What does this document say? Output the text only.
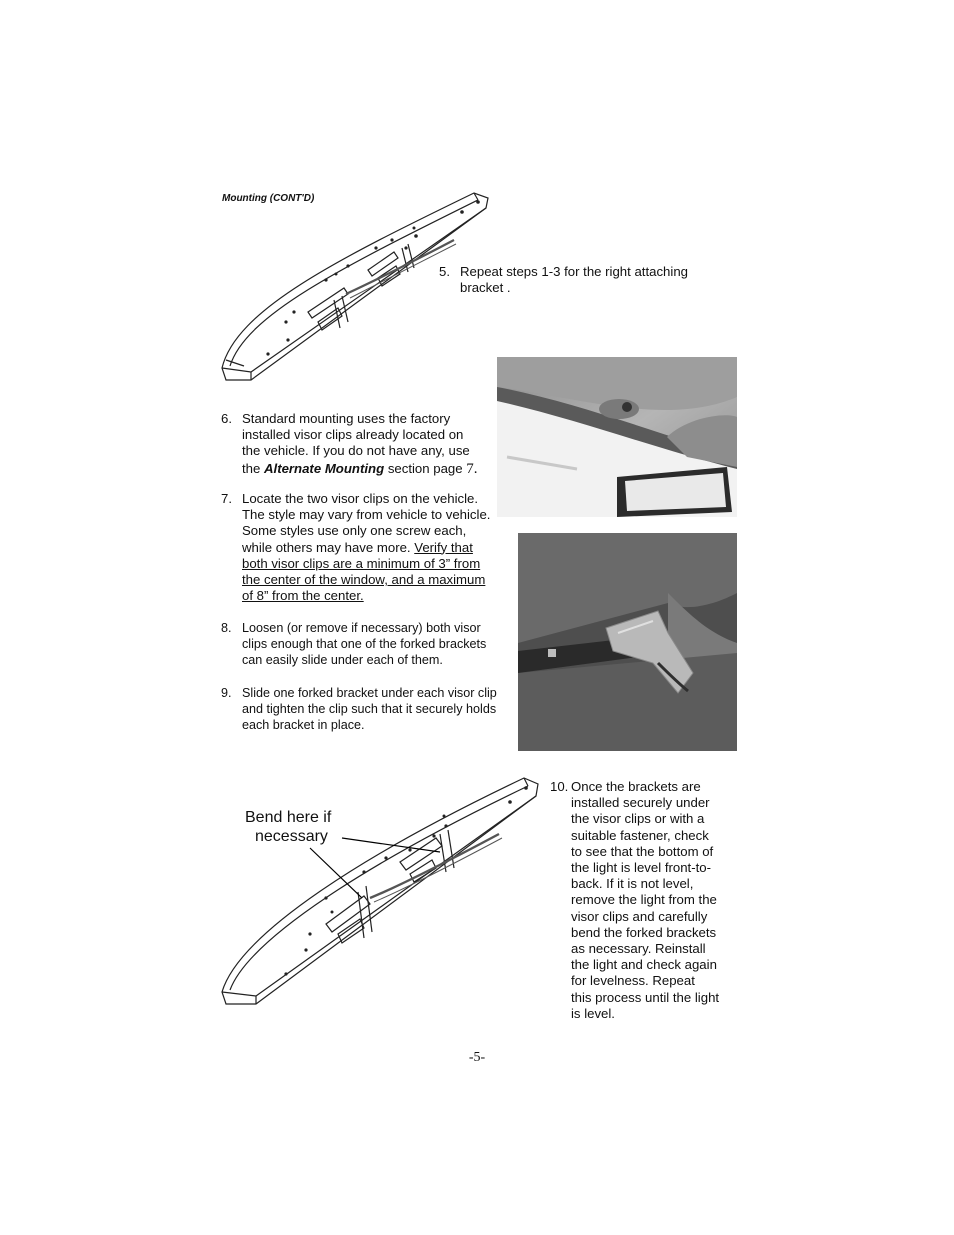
Mounting (CONT'D)
5. Repeat steps 1-3 for the right attaching
bracket .
6. Standard mounting uses the factory
installed visor clips already located on
the vehicle. If you do not have any, use
the Alternate Mounting section page 7.
7. Locate the two visor clips on the vehicle.
The style may vary from vehicle to vehicle.
Some styles use only one screw each,
while others may have more. Verify that
both visor clips are a minimum of 3” from
the center of the window, and a maximum
of 8” from the center.
8. Loosen (or remove if necessary) both visor
clips enough that one of the forked brackets
can easily slide under each of them.
9. Slide one forked bracket under each visor clip
and tighten the clip such that it securely holds
each bracket in place.
Bend here if
necessary
10. Once the brackets are
installed securely under
the visor clips or with a
suitable fastener, check
to see that the bottom of
the light is level front-to-
back. If it is not level,
remove the light from the
visor clips and carefully
bend the forked brackets
as necessary. Reinstall
the light and check again
for levelness. Repeat
this process until the light
is level.
-5-
